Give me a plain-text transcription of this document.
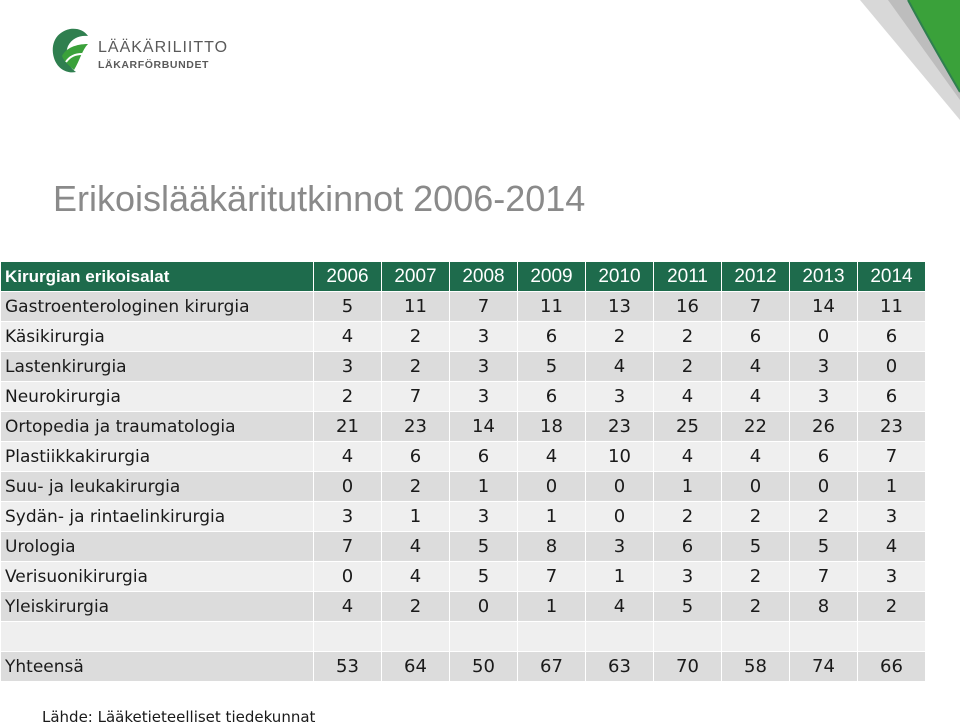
LÄÄKÄRILIITTO
LÄKARFÖRBUNDET
Erikoislääkäritutkinnot 2006-2014
Kirurgian erikoisalat	2006	2007	2008	2009	2010	2011	2012	2013	2014
Gastroenterologinen kirurgia	5	11	7	11	13	16	7	14	11
Käsikirurgia	4	2	3	6	2	2	6	0	6
Lastenkirurgia	3	2	3	5	4	2	4	3	0
Neurokirurgia	2	7	3	6	3	4	4	3	6
Ortopedia ja traumatologia	21	23	14	18	23	25	22	26	23
Plastiikkakirurgia	4	6	6	4	10	4	4	6	7
Suu- ja leukakirurgia	0	2	1	0	0	1	0	0	1
Sydän- ja rintaelinkirurgia	3	1	3	1	0	2	2	2	3
Urologia	7	4	5	8	3	6	5	5	4
Verisuonikirurgia	0	4	5	7	1	3	2	7	3
Yleiskirurgia	4	2	0	1	4	5	2	8	2

Yhteensä	53	64	50	67	63	70	58	74	66
Lähde: Lääketieteelliset tiedekunnat
